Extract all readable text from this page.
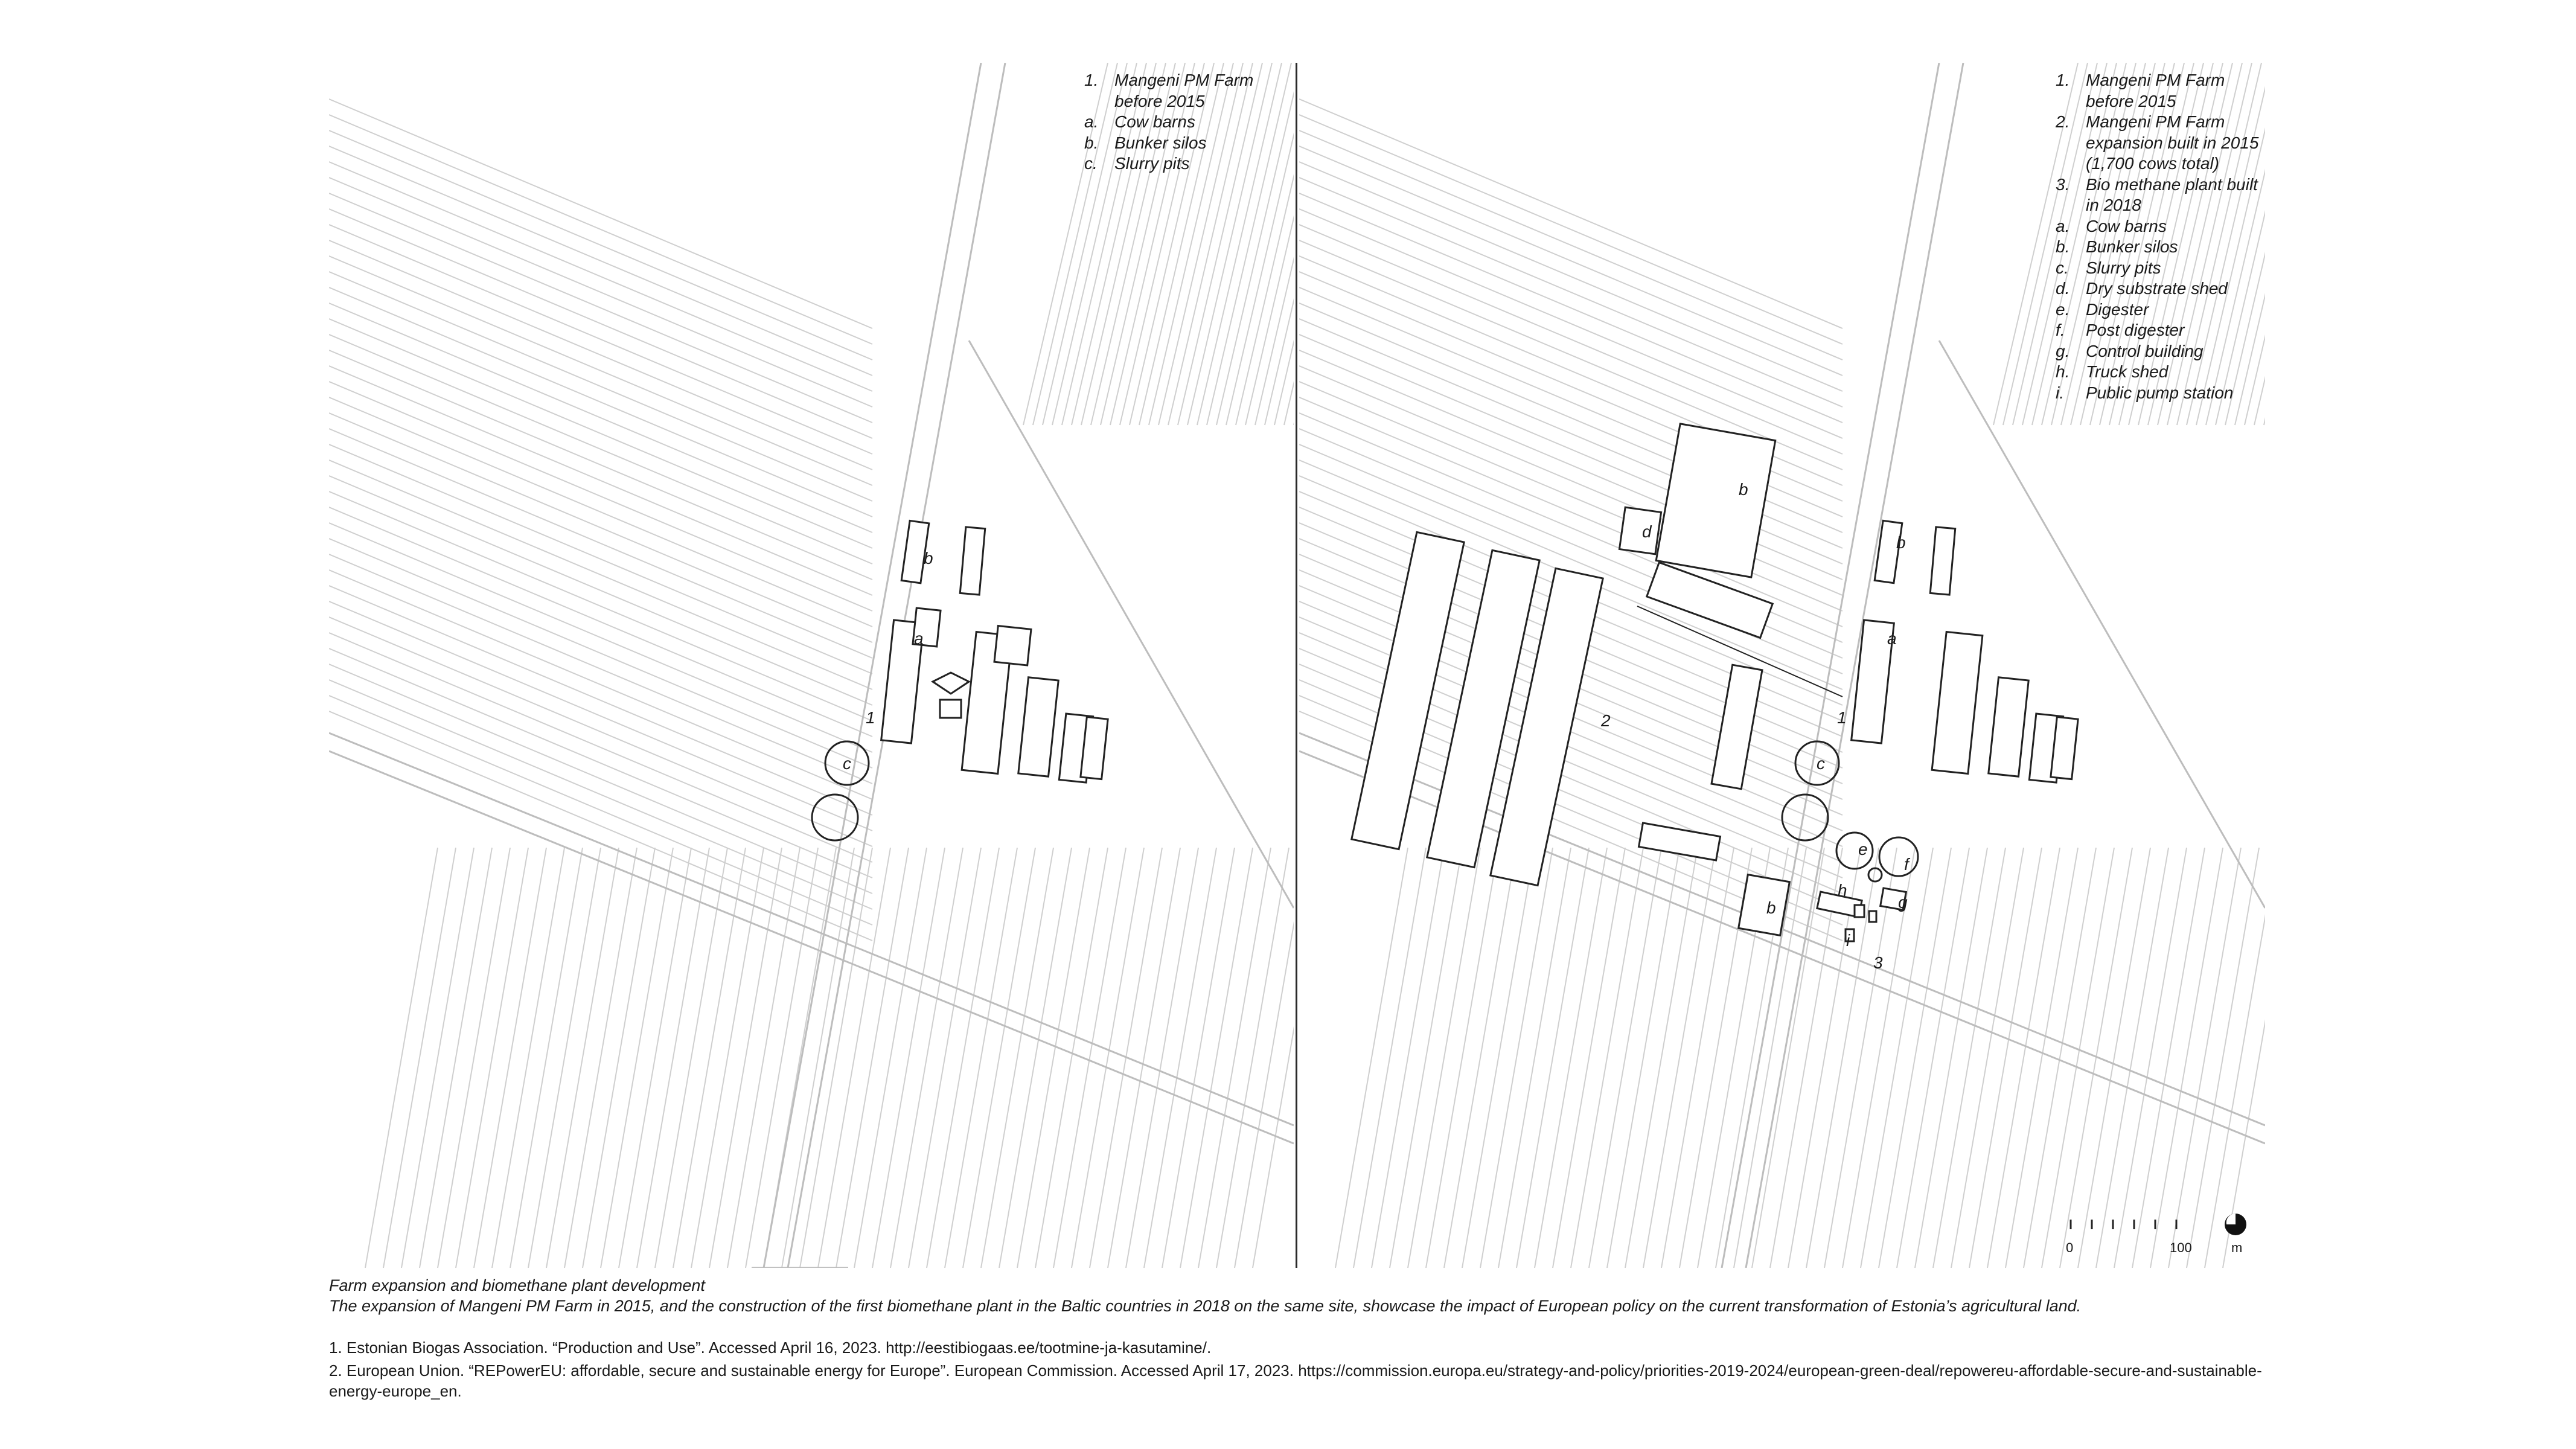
1. Mangeni PM Farm before 2015
a. Cow barns
b. Bunker silos
c.	Slurry pits
1. Mangeni PM Farm before 2015
2. Mangeni PM Farm expansion built in 2015 (1,700 cows total)
3. Bio methane plant built in 2018
a. Cow barns
b. Bunker silos
c.	Slurry pits
d. Dry substrate shed
e. Digester
f.	Post digester
g. Control building
h. Truck shed
i.	Public pump station
a
b
1
c
a
b
b
d
2	1
c
e
f
g
h
b
i
3
0	100	m
Farm expansion and biomethane plant development
The expansion of Mangeni PM Farm in 2015, and the construction of the first biomethane plant in the Baltic countries in 2018 on the same site, showcase the impact of European policy on the current transformation of Estonia’s agricultural land.

1. Estonian Biogas Association. “Production and Use”. Accessed April 16, 2023. http://eestibiogaas.ee/tootmine-ja-kasutamine/.

2. European Union. “REPowerEU: affordable, secure and sustainable energy for Europe”. European Commission. Accessed April 17, 2023. https://commission.europa.eu/strategy-and-policy/priorities-2019-2024/european-green-deal/repowereu-affordable-secure-and-sustainable-energy-europe_en.
